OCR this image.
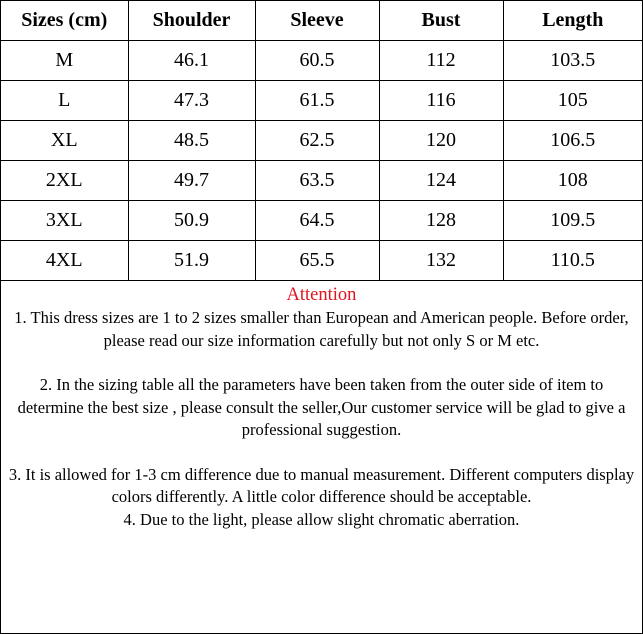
Sizes (cm)	Shoulder	Sleeve	Bust	Length
M	46.1	60.5	112	103.5
L	47.3	61.5	116	105
XL	48.5	62.5	120	106.5
2XL	49.7	63.5	124	108
3XL	50.9	64.5	128	109.5
4XL	51.9	65.5	132	110.5
Attention

1. This dress sizes are 1 to 2 sizes smaller than European and American people. Before order, please read our size information carefully but not only S or M etc.

2. In the sizing table all the parameters have been taken from the outer side of item to determine the best size , please consult the seller,Our customer service will be glad to give a professional suggestion.

3. It is allowed for 1-3 cm difference due to manual measurement. Different computers display colors differently. A little color difference should be acceptable.

4. Due to the light, please allow slight chromatic aberration.
